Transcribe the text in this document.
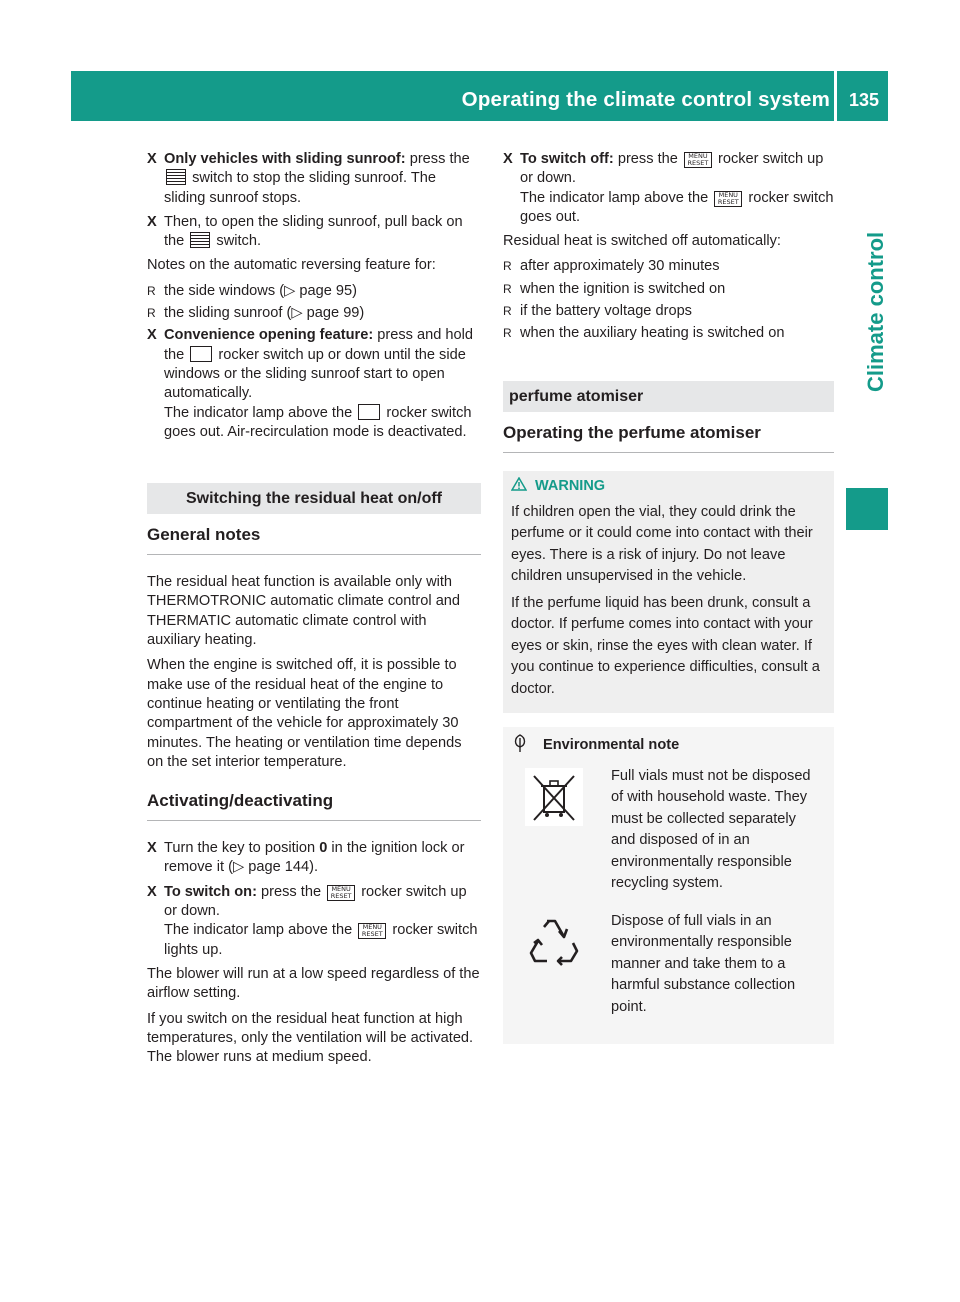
Operating the climate control system	135
Climate control
X Only vehicles with sliding sunroof: press the  switch to stop the sliding sunroof. The sliding sunroof stops.
X Then, to open the sliding sunroof, pull back on the switch.

Notes on the automatic reversing feature for:

R the side windows (▷ page 95)
R the sliding sunroof (▷ page 99)
X Convenience opening feature: press and hold the rocker switch up or down until the side windows or the sliding sunroof start to open automatically.
The indicator lamp above the rocker switch goes out. Air-recirculation mode is deactivated.
Switching the residual heat on/off
General notes

The residual heat function is available only with THERMOTRONIC automatic climate control and THERMATIC automatic climate control with auxiliary heating.

When the engine is switched off, it is possible to make use of the residual heat of the engine to continue heating or ventilating the front compartment of the vehicle for approximately 30 minutes. The heating or ventilation time depends on the set interior temperature.

Activating/deactivating
X Turn the key to position 0 in the ignition lock or remove it (▷ page 144).
X To switch on: press the MENU
RESET rocker switch up or down.
The indicator lamp above the MENU
RESET rocker switch lights up.

The blower will run at a low speed regardless of the airflow setting.

If you switch on the residual heat function at high temperatures, only the ventilation will be activated. The blower runs at medium speed.

X To switch off: press the MENU
RESET rocker switch up or down.
The indicator lamp above the MENU
RESET rocker switch goes out.

Residual heat is switched off automatically:

R after approximately 30 minutes
R when the ignition is switched on
R if the battery voltage drops
R when the auxiliary heating is switched on
perfume atomiser
Operating the perfume atomiser
WARNING

If children open the vial, they could drink the perfume or it could come into contact with their eyes. There is a risk of injury. Do not leave children unsupervised in the vehicle.

If the perfume liquid has been drunk, consult a doctor. If perfume comes into contact with your eyes or skin, rinse the eyes with clean water. If you continue to experience difficulties, consult a doctor.

Environmental note
Full vials must not be disposed of with household waste. They must be collected separately and disposed of in an environmentally responsible recycling system.
Dispose of full vials in an environmentally responsible manner and take them to a harmful substance collection point.
